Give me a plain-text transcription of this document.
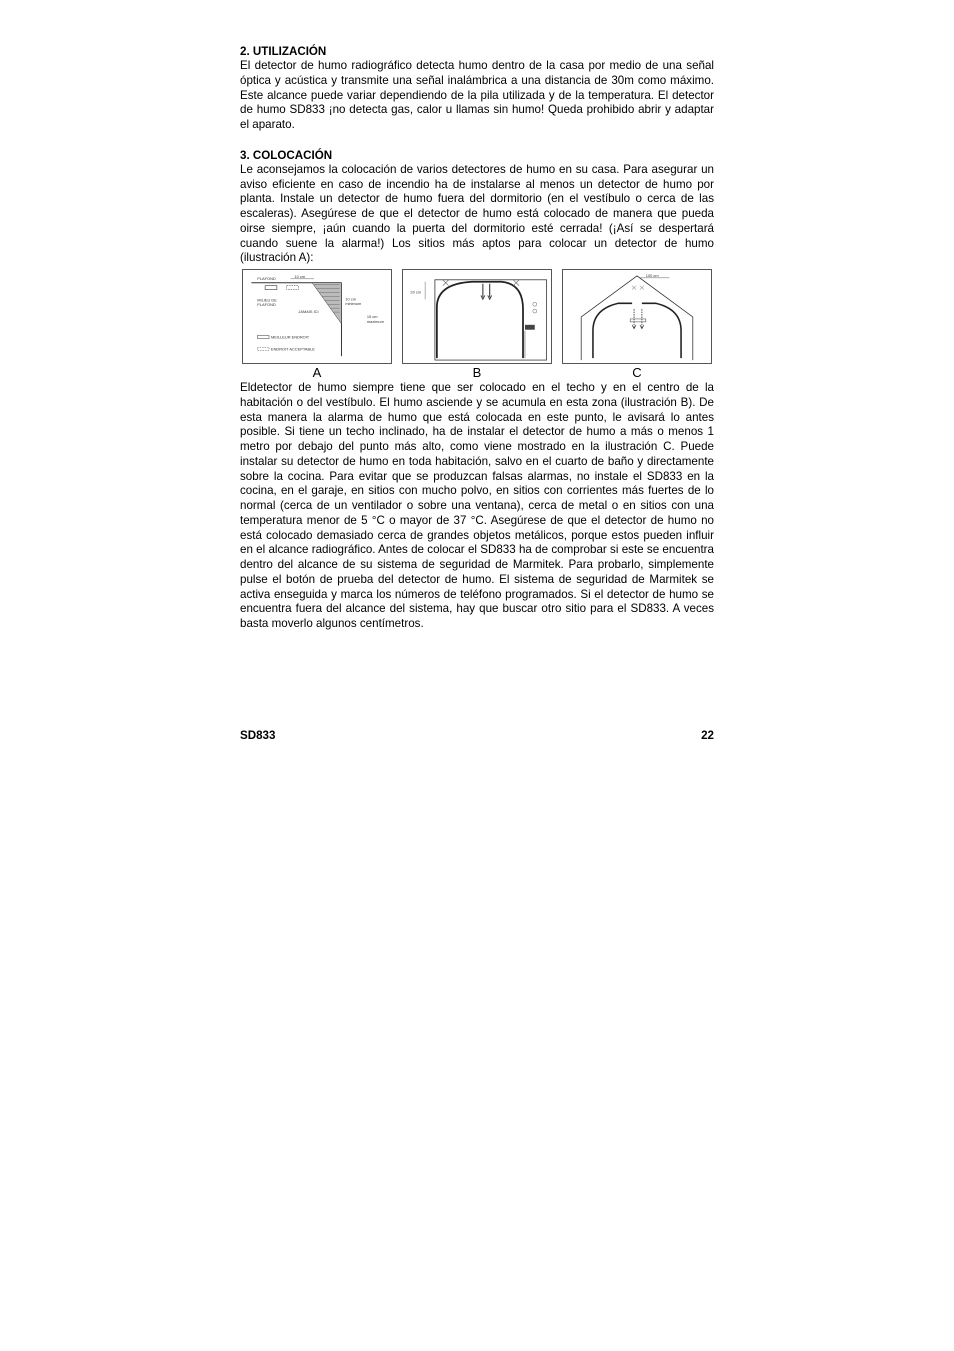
2. UTILIZACIÓN

El detector de humo radiográfico detecta humo dentro de la casa por medio de una señal óptica y acústica y transmite una señal inalámbrica a una distancia de 30m como máximo. Este alcance puede variar dependiendo de la pila utilizada y de la temperatura. El detector de humo SD833 ¡no detecta gas, calor u llamas sin humo! Queda prohibido abrir y adaptar el aparato.

3. COLOCACIÓN

Le aconsejamos la colocación de varios detectores de humo en su casa. Para asegurar un aviso eficiente en caso de incendio ha de instalarse al menos un detector de humo por planta. Instale un detector de humo fuera del dormitorio (en el vestíbulo o cerca de las escaleras). Asegúrese de que el detector de humo está colocado de manera que pueda oirse siempre, ¡aún cuando la puerta del dormitorio esté cerrada! (¡Así se despertará cuando suene la alarma!) Los sitios más aptos para colocar un detector de humo (ilustración A):

PLAFOND	10 cm
MILIEU DE
PLAFOND
JAMAIS ICI
10 cm
minimum
15 cm
maximum
MEILLEUR ENDROIT
ENDROIT ACCEPTABLE
A
20 cm
B
100 cm
C

Eldetector de humo siempre tiene que ser colocado en el techo y en el centro de la habitación o del vestíbulo. El humo asciende y se acumula en esta zona (ilustración B). De esta manera la alarma de humo que está colocada en este punto, le avisará lo antes posible. Si tiene un techo inclinado, ha de instalar el detector de humo a más o menos 1 metro por debajo del punto más alto, como viene mostrado en la ilustración C. Puede instalar su detector de humo en toda habitación, salvo en el cuarto de baño y directamente sobre la cocina. Para evitar que se produzcan falsas alarmas, no instale el SD833 en la cocina, en el garaje, en sitios con mucho polvo, en sitios con corrientes más fuertes de lo normal (cerca de un ventilador o sobre una ventana), cerca de metal o en sitios con una temperatura menor de 5 °C o mayor de 37 °C. Asegúrese de que el detector de humo no está colocado demasiado cerca de grandes objetos metálicos, porque estos pueden influir en el alcance radiográfico. Antes de colocar el SD833 ha de comprobar si este se encuentra dentro del alcance de su sistema de seguridad de Marmitek. Para probarlo, simplemente pulse el botón de prueba del detector de humo. El sistema de seguridad de Marmitek se activa enseguida y marca los números de teléfono programados. Si el detector de humo se encuentra fuera del alcance del sistema, hay que buscar otro sitio para el SD833. A veces basta moverlo algunos centímetros.

SD833	22
